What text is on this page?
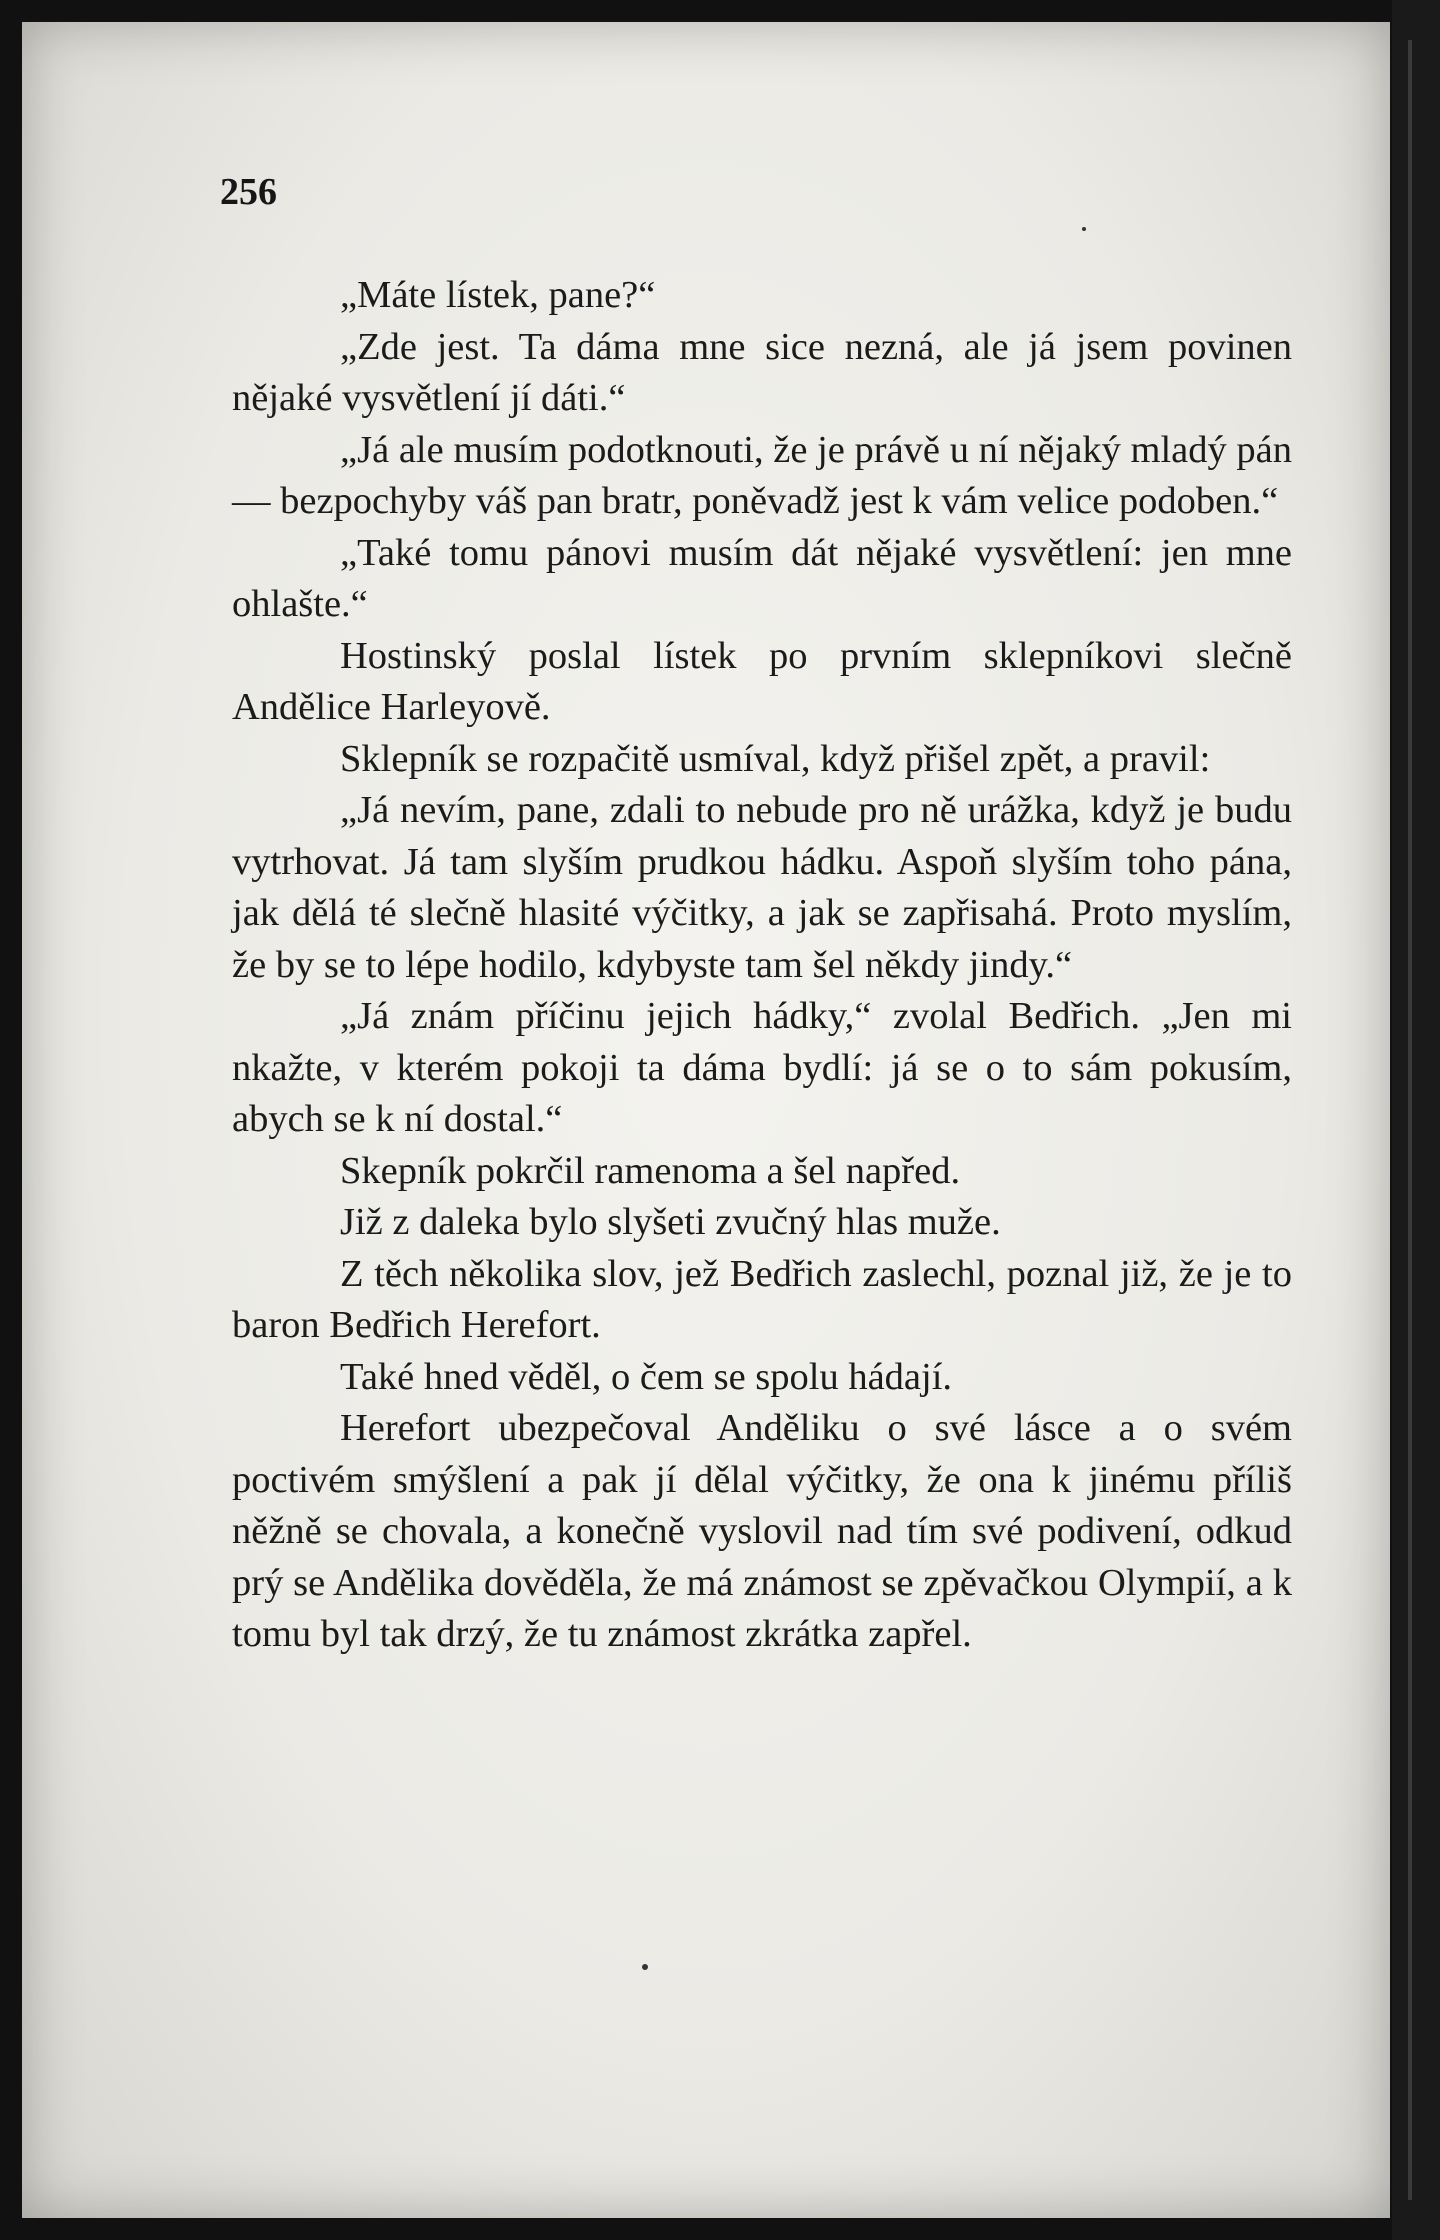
256

„Máte lístek, pane?“

„Zde jest. Ta dáma mne sice nezná, ale já jsem povinen nějaké vysvětlení jí dáti.“

„Já ale musím podotknouti, že je právě u ní nějaký mladý pán — bezpochyby váš pan bratr, poněvadž jest k vám velice podoben.“

„Také tomu pánovi musím dát nějaké vysvětlení: jen mne ohlašte.“

Hostinský poslal lístek po prvním sklepníkovi slečně Andělice Harleyově.

Sklepník se rozpačitě usmíval, když přišel zpět, a pravil:

„Já nevím, pane, zdali to nebude pro ně urážka, když je budu vytrhovat. Já tam slyším prudkou hádku. Aspoň slyším toho pána, jak dělá té slečně hlasité výčitky, a jak se zapřisahá. Proto myslím, že by se to lépe hodilo, kdybyste tam šel někdy jindy.“

„Já znám příčinu jejich hádky,“ zvolal Bedřich. „Jen mi nkažte, v kterém pokoji ta dáma bydlí: já se o to sám pokusím, abych se k ní dostal.“

Skepník pokrčil ramenoma a šel napřed.

Již z daleka bylo slyšeti zvučný hlas muže.

Z těch několika slov, jež Bedřich zaslechl, poznal již, že je to baron Bedřich Herefort.

Také hned věděl, o čem se spolu hádají.

Herefort ubezpečoval Anděliku o své lásce a o svém poctivém smýšlení a pak jí dělal výčitky, že ona k jinému příliš něžně se chovala, a konečně vyslovil nad tím své podivení, odkud prý se Andělika dověděla, že má známost se zpěvačkou Olympií, a k tomu byl tak drzý, že tu známost zkrátka zapřel.
